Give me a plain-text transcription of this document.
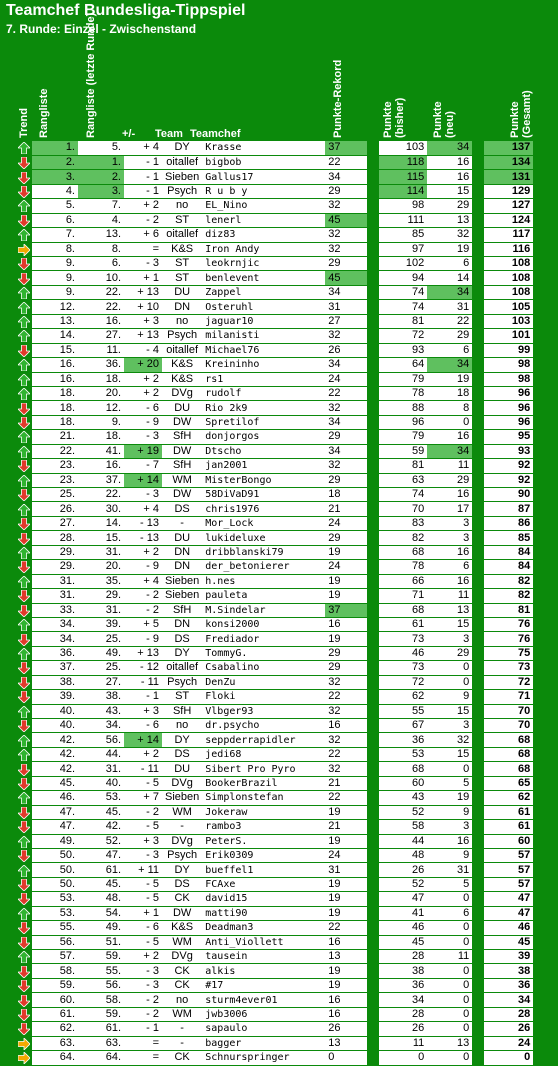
Teamchef Bundesliga-Tippspiel
7. Runde: Einzel - Zwischenstand
Trend Rangliste	Rangliste (letzte Runde) +/- Team Teamchef	Punkte-Rekord	Punkte (bisher) Punkte (neu)	Punkte (Gesamt)
	1.	5.	+ 4	DY	Krasse	37		103	34		137

	2.	1.	- 1	oitallef	bigbob	22		118	16		134

	3.	2.	- 1	Sieben	Gallus17	34		115	16		131

	4.	3.	- 1	Psych	R u b y	29		114	15		129

	5.	7.	+ 2	no	EL_Nino	32		98	29		127

	6.	4.	- 2	ST	lenerl	45		111	13		124

	7.	13.	+ 6	oitallef	diz83	32		85	32		117

	8.	8.	=	K&S	Iron Andy	32		97	19		116

	9.	6.	- 3	ST	leokrnjic	29		102	6		108

	9.	10.	+ 1	ST	benlevent	45		94	14		108

	9.	22.	+ 13	DU	Zappel	34		74	34		108

	12.	22.	+ 10	DN	Osteruhl	31		74	31		105

	13.	16.	+ 3	no	jaguar10	27		81	22		103

	14.	27.	+ 13	Psych	milanisti	32		72	29		101

	15.	11.	- 4	oitallef	Michael76	26		93	6		99

	16.	36.	+ 20	K&S	Kreininho	34		64	34		98

	16.	18.	+ 2	K&S	rs1	24		79	19		98

	18.	20.	+ 2	DVg	rudolf	22		78	18		96

	18.	12.	- 6	DU	Rio 2k9	32		88	8		96

	18.	9.	- 9	DW	Spretilof	34		96	0		96

	21.	18.	- 3	SfH	donjorgos	29		79	16		95

	22.	41.	+ 19	DW	Dtscho	34		59	34		93

	23.	16.	- 7	SfH	jan2001	32		81	11		92

	23.	37.	+ 14	WM	MisterBongo	29		63	29		92

	25.	22.	- 3	DW	58DiVaD91	18		74	16		90

	26.	30.	+ 4	DS	chris1976	21		70	17		87

	27.	14.	- 13	-	Mor_Lock	24		83	3		86

	28.	15.	- 13	DU	lukideluxe	29		82	3		85

	29.	31.	+ 2	DN	dribblanski79	19		68	16		84

	29.	20.	- 9	DN	der_betonierer	24		78	6		84

	31.	35.	+ 4	Sieben	h.nes	19		66	16		82

	31.	29.	- 2	Sieben	pauleta	19		71	11		82

	33.	31.	- 2	SfH	M.Sindelar	37		68	13		81

	34.	39.	+ 5	DN	konsi2000	16		61	15		76

	34.	25.	- 9	DS	Frediador	19		73	3		76

	36.	49.	+ 13	DY	TommyG.	29		46	29		75

	37.	25.	- 12	oitallef	Csabalino	29		73	0		73

	38.	27.	- 11	Psych	DenZu	32		72	0		72

	39.	38.	- 1	ST	Floki	22		62	9		71

	40.	43.	+ 3	SfH	Vlbger93	32		55	15		70

	40.	34.	- 6	no	dr.psycho	16		67	3		70

	42.	56.	+ 14	DY	seppderrapidler	32		36	32		68

	42.	44.	+ 2	DS	jedi68	22		53	15		68

	42.	31.	- 11	DU	Sibert Pro Pyro	32		68	0		68

	45.	40.	- 5	DVg	BookerBrazil	21		60	5		65

	46.	53.	+ 7	Sieben	Simplonstefan	22		43	19		62

	47.	45.	- 2	WM	Jokeraw	19		52	9		61

	47.	42.	- 5	-	rambo3	21		58	3		61

	49.	52.	+ 3	DVg	PeterS.	19		44	16		60

	50.	47.	- 3	Psych	Erik0309	24		48	9		57

	50.	61.	+ 11	DY	bueffel1	31		26	31		57

	50.	45.	- 5	DS	FCAxe	19		52	5		57

	53.	48.	- 5	CK	david15	19		47	0		47

	53.	54.	+ 1	DW	matti90	19		41	6		47

	55.	49.	- 6	K&S	Deadman3	22		46	0		46

	56.	51.	- 5	WM	Anti_Viollett	16		45	0		45

	57.	59.	+ 2	DVg	tausein	13		28	11		39

	58.	55.	- 3	CK	alkis	19		38	0		38

	59.	56.	- 3	CK	#17	19		36	0		36

	60.	58.	- 2	no	sturm4ever01	16		34	0		34

	61.	59.	- 2	WM	jwb3006	16		28	0		28

	62.	61.	- 1	-	sapaulo	26		26	0		26

	63.	63.	=	-	bagger	13		11	13		24

	64.	64.	=	CK	Schnurspringer	0		0	0		0
